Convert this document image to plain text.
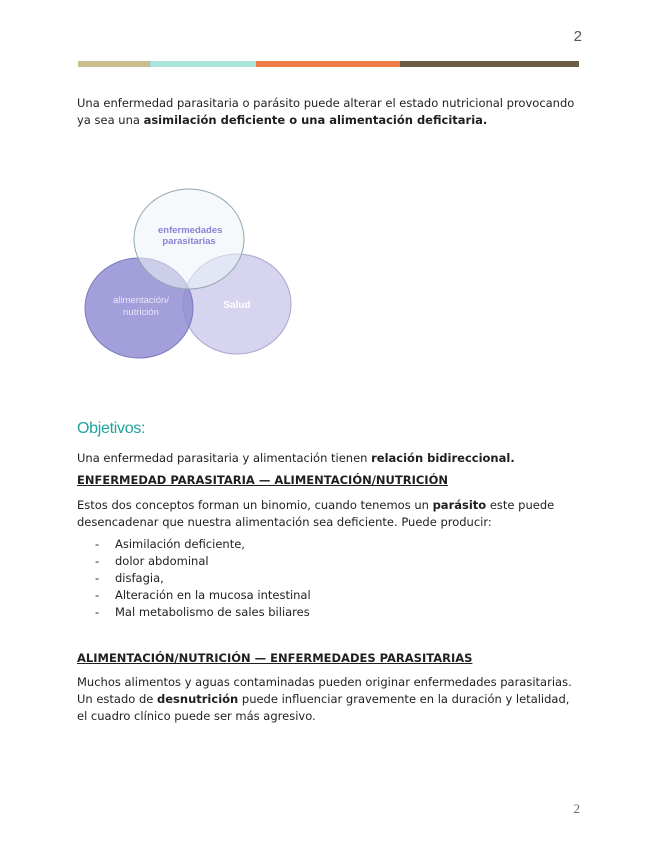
2

Una enfermedad parasitaria o parásito puede alterar el estado nutricional provocando ya sea una asimilación deficiente o una alimentación deficitaria.

enfermedades parasitarias
alimentación/ nutrición
Salud
Objetivos:

Una enfermedad parasitaria y alimentación tienen relación bidireccional.

ENFERMEDAD PARASITARIA — ALIMENTACIÓN/NUTRICIÓN

Estos dos conceptos forman un binomio, cuando tenemos un parásito este puede desencadenar que nuestra alimentación sea deficiente. Puede producir:

- Asimilación deficiente,
- dolor abdominal
- disfagia,
- Alteración en la mucosa intestinal
- Mal metabolismo de sales biliares

ALIMENTACIÓN/NUTRICIÓN — ENFERMEDADES PARASITARIAS

Muchos alimentos y aguas contaminadas pueden originar enfermedades parasitarias. Un estado de desnutrición puede influenciar gravemente en la duración y letalidad, el cuadro clínico puede ser más agresivo.

2
